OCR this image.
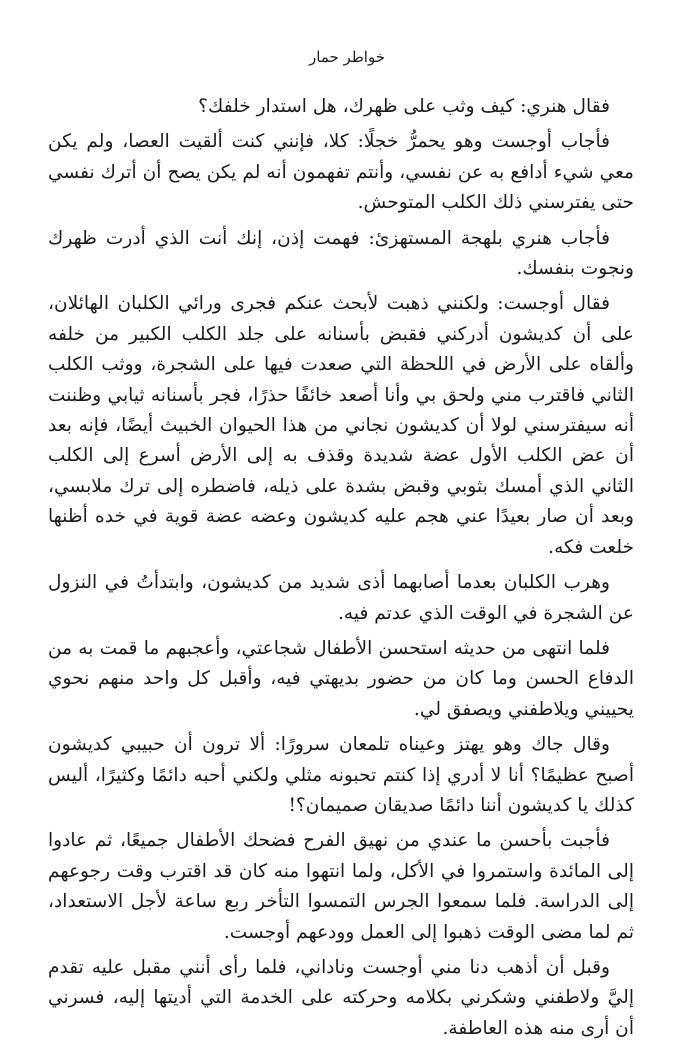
خواطر حمار

فقال هنري: كيف وثب على ظهرك، هل استدار خلفك؟

فأجاب أوجست وهو يحمرُّ خجلًا: كلا، فإنني كنت ألقيت العصا، ولم يكن معي شيء أدافع به عن نفسي، وأنتم تفهمون أنه لم يكن يصح أن أترك نفسي حتى يفترسني ذلك الكلب المتوحش.

فأجاب هنري بلهجة المستهزئ: فهمت إذن، إنك أنت الذي أدرت ظهرك ونجوت بنفسك.

فقال أوجست: ولكنني ذهبت لأبحث عنكم فجرى ورائي الكلبان الهائلان، على أن كديشون أدركني فقبض بأسنانه على جلد الكلب الكبير من خلفه وألقاه على الأرض في اللحظة التي صعدت فيها على الشجرة، ووثب الكلب الثاني فاقترب مني ولحق بي وأنا أصعد خائفًا حذرًا، فجر بأسنانه ثيابي وظننت أنه سيفترسني لولا أن كديشون نجاني من هذا الحيوان الخبيث أيضًا، فإنه بعد أن عض الكلب الأول عضة شديدة وقذف به إلى الأرض أسرع إلى الكلب الثاني الذي أمسك بثوبي وقبض بشدة على ذيله، فاضطره إلى ترك ملابسي، وبعد أن صار بعيدًا عني هجم عليه كديشون وعضه عضة قوية في خده أظنها خلعت فكه.

وهرب الكلبان بعدما أصابهما أذى شديد من كديشون، وابتدأتُ في النزول عن الشجرة في الوقت الذي عدتم فيه.

فلما انتهى من حديثه استحسن الأطفال شجاعتي، وأعجبهم ما قمت به من الدفاع الحسن وما كان من حضور بديهتي فيه، وأقبل كل واحد منهم نحوي يحييني ويلاطفني ويصفق لي.

وقال جاك وهو يهتز وعيناه تلمعان سرورًا: ألا ترون أن حبيبي كديشون أصبح عظيمًا؟ أنا لا أدري إذا كنتم تحبونه مثلي ولكني أحبه دائمًا وكثيرًا، أليس كذلك يا كديشون أننا دائمًا صديقان صميمان؟!

فأجبت بأحسن ما عندي من نهيق الفرح فضحك الأطفال جميعًا، ثم عادوا إلى المائدة واستمروا في الأكل، ولما انتهوا منه كان قد اقترب وقت رجوعهم إلى الدراسة. فلما سمعوا الجرس التمسوا التأخر ربع ساعة لأجل الاستعداد، ثم لما مضى الوقت ذهبوا إلى العمل وودعهم أوجست.

وقبل أن أذهب دنا مني أوجست وناداني، فلما رأى أنني مقبل عليه تقدم إليَّ ولاطفني وشكرني بكلامه وحركته على الخدمة التي أديتها إليه، فسرني أن أرى منه هذه العاطفة.
